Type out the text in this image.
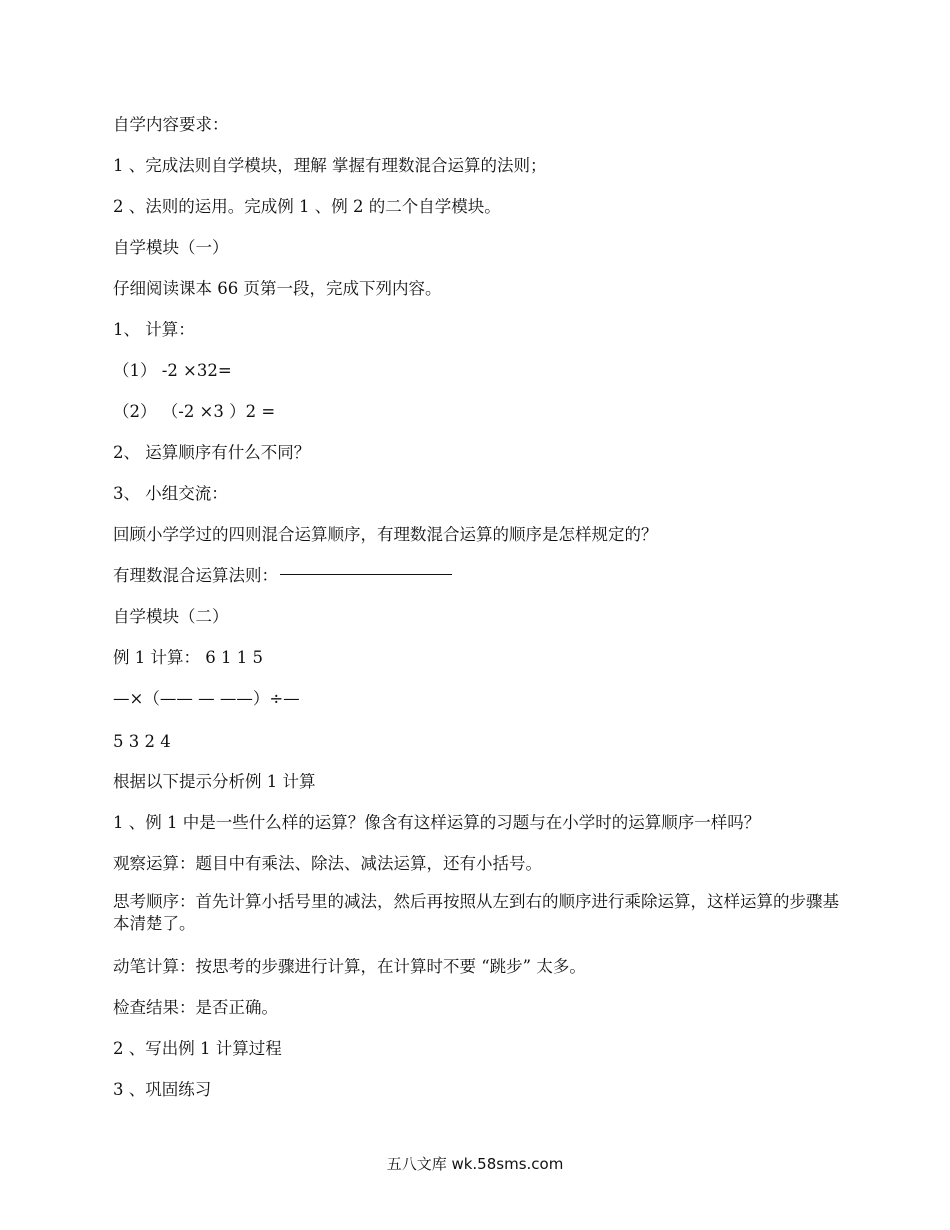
自学内容要求：
1 、完成法则自学模块，理解 掌握有理数混合运算的法则；
2 、法则的运用。完成例 1 、例 2 的二个自学模块。
自学模块（一）
仔细阅读课本 66 页第一段，完成下列内容。
1、 计算：
（1） -2 ×32=
（2） （-2 ×3 ）2 =
2、 运算顺序有什么不同？
3、 小组交流：
回顾小学学过的四则混合运算顺序，有理数混合运算的顺序是怎样规定的？
有理数混合运算法则：
自学模块（二）
例 1 计算： 6 1 1 5
—×（—— — ——）÷—
5 3 2 4
根据以下提示分析例 1 计算
1 、例 1 中是一些什么样的运算？像含有这样运算的习题与在小学时的运算顺序一样吗？
观察运算：题目中有乘法、除法、减法运算，还有小括号。
思考顺序：首先计算小括号里的减法，然后再按照从左到右的顺序进行乘除运算，这样运算的步骤基本清楚了。
动笔计算：按思考的步骤进行计算，在计算时不要 “跳步” 太多。
检查结果：是否正确。
2 、写出例 1 计算过程
3 、巩固练习
五八文库 wk.58sms.com
